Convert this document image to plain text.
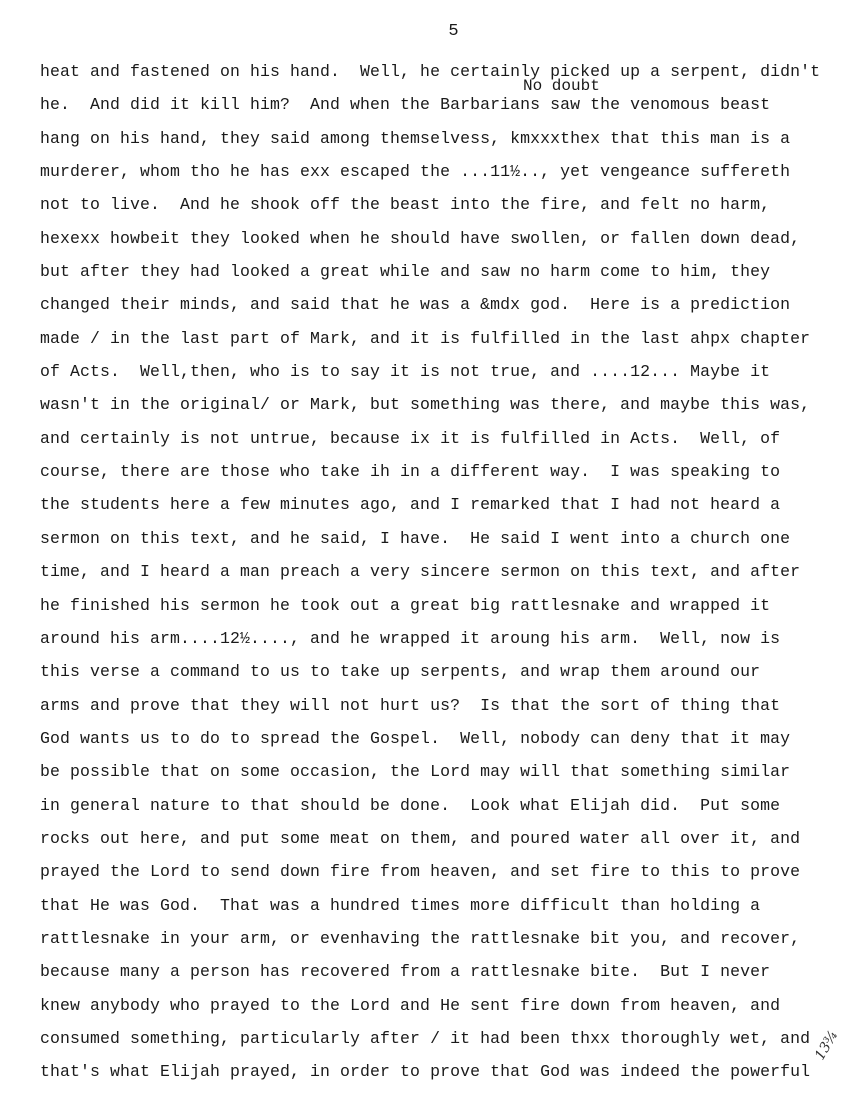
5
No doubt
heat and fastened on his hand.  Well, he certainly picked up a serpent, didn't
he.  And did it kill him?  And when the Barbarians saw the venomous beast
hang on his hand, they said among themselvess, kmxxxthex that this man is a
murderer, whom tho he has exx escaped the ...11½.., yet vengeance suffereth
not to live.  And he shook off the beast into the fire, and felt no harm,
hexexx howbeit they looked when he should have swollen, or fallen down dead,
but after they had looked a great while and saw no harm come to him, they
changed their minds, and said that he was a &mdx god.  Here is a prediction
made / in the last part of Mark, and it is fulfilled in the last ahpx chapter
of Acts.  Well,then, who is to say it is not true, and ....12... Maybe it
wasn't in the original/ or Mark, but something was there, and maybe this was,
and certainly is not untrue, because ix it is fulfilled in Acts.  Well, of
course, there are those who take ih in a different way.  I was speaking to
the students here a few minutes ago, and I remarked that I had not heard a
sermon on this text, and he said, I have.  He said I went into a church one
time, and I heard a man preach a very sincere sermon on this text, and after
he finished his sermon he took out a great big rattlesnake and wrapped it
around his arm....12½...., and he wrapped it aroung his arm.  Well, now is
this verse a command to us to take up serpents, and wrap them around our
arms and prove that they will not hurt us?  Is that the sort of thing that
God wants us to do to spread the Gospel.  Well, nobody can deny that it may
be possible that on some occasion, the Lord may will that something similar
in general nature to that should be done.  Look what Elijah did.  Put some
rocks out here, and put some meat on them, and poured water all over it, and
prayed the Lord to send down fire from heaven, and set fire to this to prove
that He was God.  That was a hundred times more difficult than holding a
rattlesnake in your arm, or evenhaving the rattlesnake bit you, and recover,
because many a person has recovered from a rattlesnake bite.  But I never
knew anybody who prayed to the Lord and He sent fire down from heaven, and
consumed something, particularly after / it had been thxx thoroughly wet, and
that's what Elijah prayed, in order to prove that God was indeed the powerful
13¾
